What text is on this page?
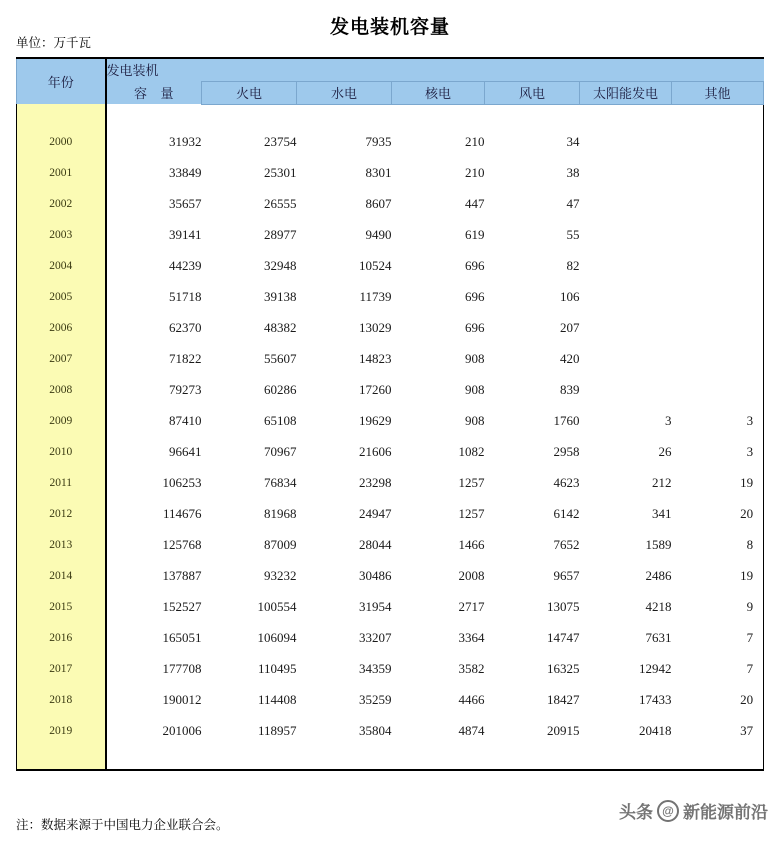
发电装机容量
单位：万千瓦
年份	发电装机						
	容 量	火电	水电	核电	风电	太阳能发电	其他

2000	31932	23754	7935	210	34		
2001	33849	25301	8301	210	38		
2002	35657	26555	8607	447	47		
2003	39141	28977	9490	619	55		
2004	44239	32948	10524	696	82		
2005	51718	39138	11739	696	106		
2006	62370	48382	13029	696	207		
2007	71822	55607	14823	908	420		
2008	79273	60286	17260	908	839		
2009	87410	65108	19629	908	1760	3	3
2010	96641	70967	21606	1082	2958	26	3
2011	106253	76834	23298	1257	4623	212	19
2012	114676	81968	24947	1257	6142	341	20
2013	125768	87009	28044	1466	7652	1589	8
2014	137887	93232	30486	2008	9657	2486	19
2015	152527	100554	31954	2717	13075	4218	9
2016	165051	106094	33207	3364	14747	7631	7
2017	177708	110495	34359	3582	16325	12942	7
2018	190012	114408	35259	4466	18427	17433	20
2019	201006	118957	35804	4874	20915	20418	37

注：数据来源于中国电力企业联合会。
头条 @ 新能源前沿
